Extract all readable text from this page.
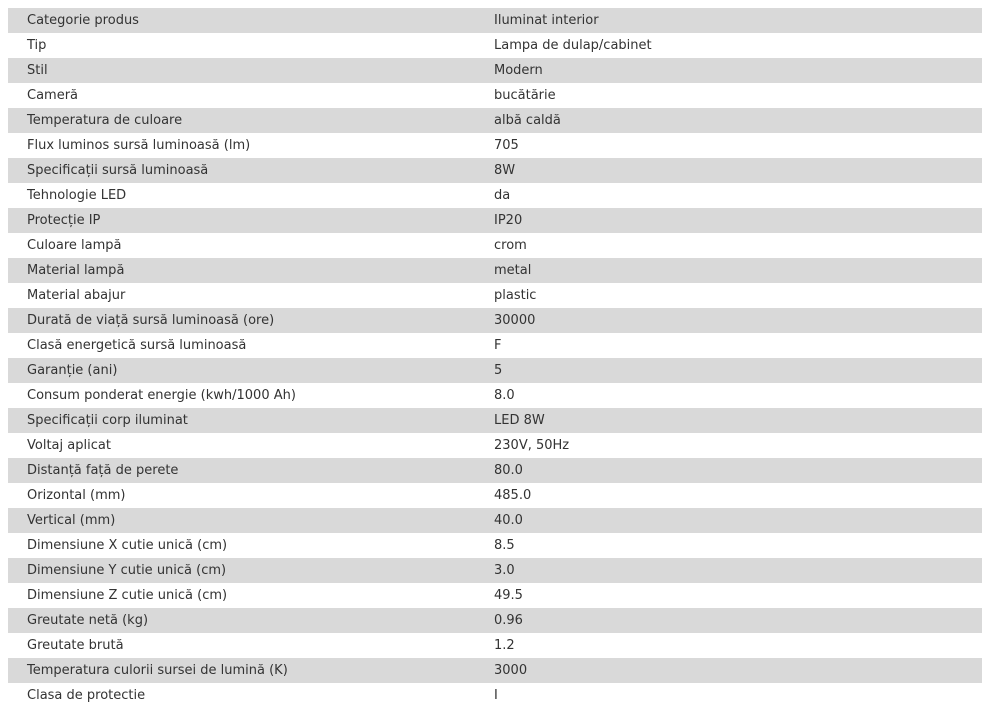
Categorie produs	Iluminat interior
Tip	Lampa de dulap/cabinet
Stil	Modern
Cameră	bucătărie
Temperatura de culoare	albă caldă
Flux luminos sursă luminoasă (lm)	705
Specificații sursă luminoasă	8W
Tehnologie LED	da
Protecție IP	IP20
Culoare lampă	crom
Material lampă	metal
Material abajur	plastic
Durată de viață sursă luminoasă (ore)	30000
Clasă energetică sursă luminoasă	F
Garanție (ani)	5
Consum ponderat energie (kwh/1000 Ah)	8.0
Specificații corp iluminat	LED 8W
Voltaj aplicat	230V, 50Hz
Distanță față de perete	80.0
Orizontal (mm)	485.0
Vertical (mm)	40.0
Dimensiune X cutie unică (cm)	8.5
Dimensiune Y cutie unică (cm)	3.0
Dimensiune Z cutie unică (cm)	49.5
Greutate netă (kg)	0.96
Greutate brută	1.2
Temperatura culorii sursei de lumină (K)	3000
Clasa de protectie	I
